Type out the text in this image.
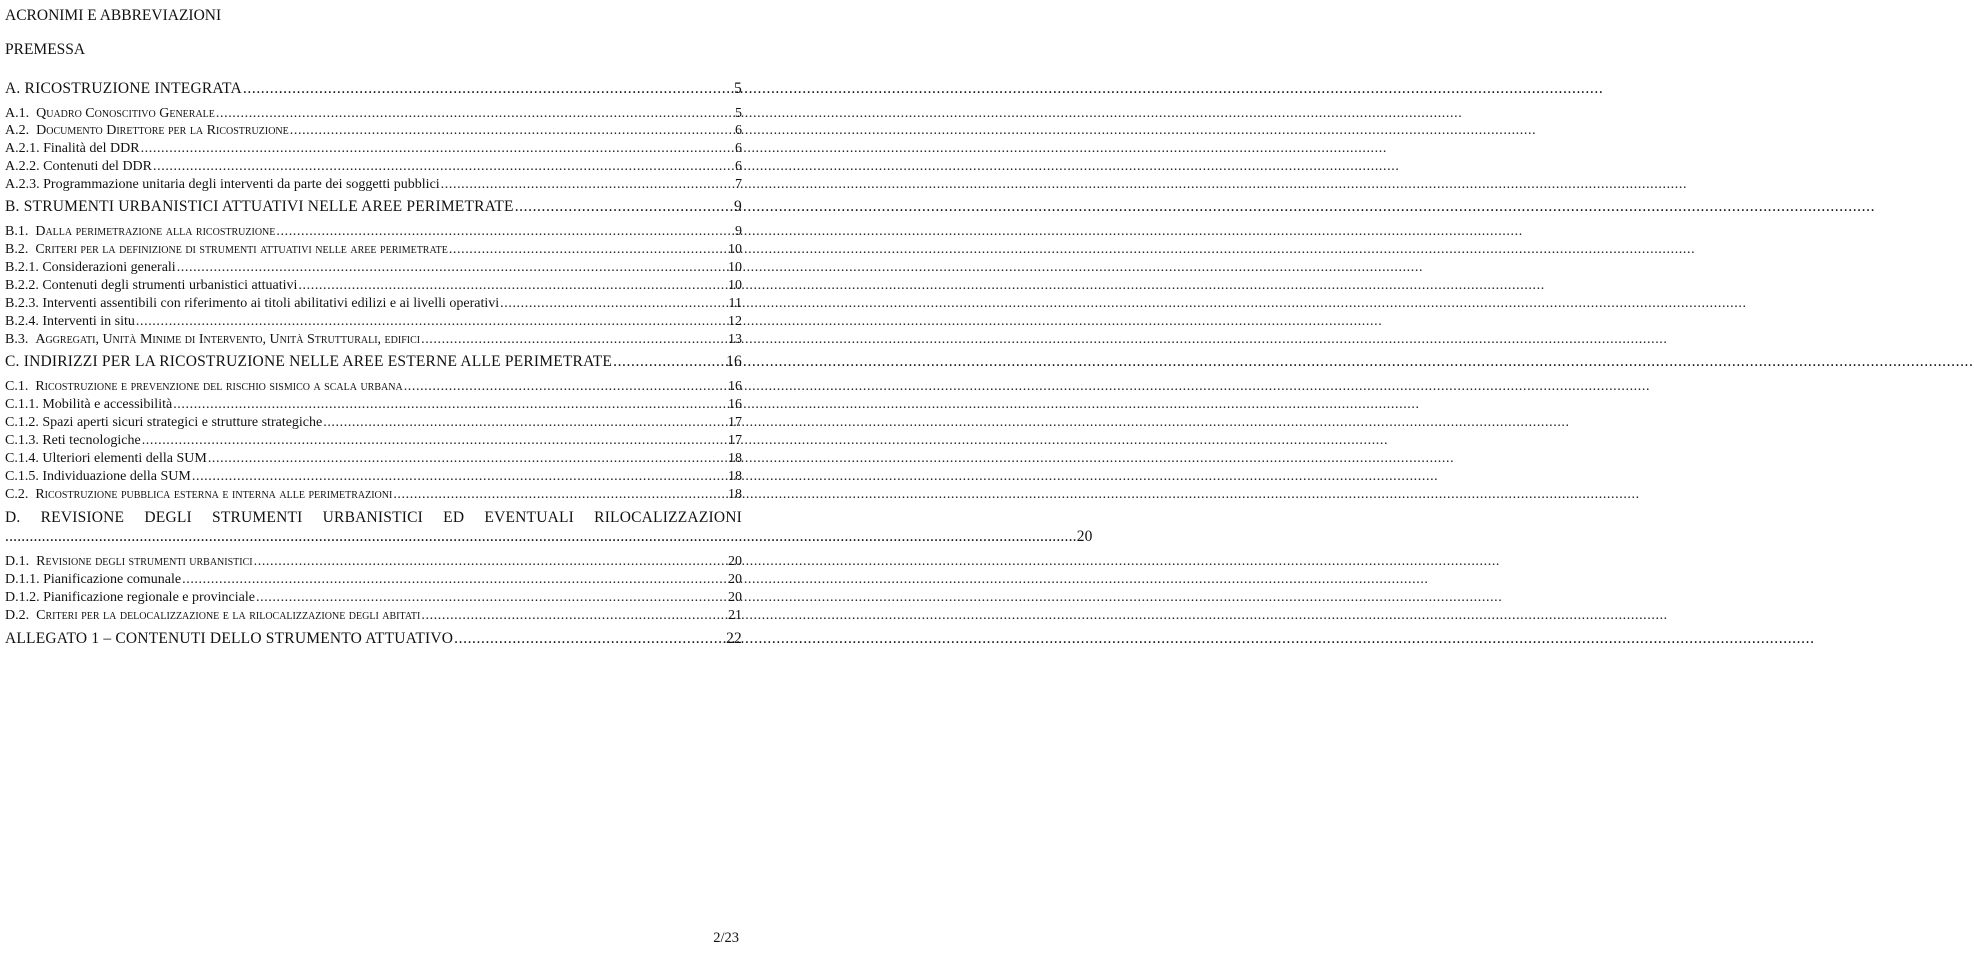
ACRONIMI E ABBREVIAZIONI
PREMESSA
A. RICOSTRUZIONE INTEGRATA .....	5
A.1. Quadro Conoscitivo Generale .....	5
A.2. Documento Direttore per la Ricostruzione .....	6
A.2.1. Finalità del DDR .....	6
A.2.2. Contenuti del DDR .....	6
A.2.3. Programmazione unitaria degli interventi da parte dei soggetti pubblici .....	7
B. STRUMENTI URBANISTICI ATTUATIVI NELLE AREE PERIMETRATE .....	9
B.1. Dalla perimetrazione alla ricostruzione .....	9
B.2. Criteri per la definizione di strumenti attuativi nelle aree perimetrate .....	10
B.2.1. Considerazioni generali .....	10
B.2.2. Contenuti degli strumenti urbanistici attuativi .....	10
B.2.3. Interventi assentibili con riferimento ai titoli abilitativi edilizi e ai livelli operativi .....	11
B.2.4. Interventi in situ .....	12
B.3. Aggregati, Unità Minime di Intervento, Unità Strutturali, edifici .....	13
C. INDIRIZZI PER LA RICOSTRUZIONE NELLE AREE ESTERNE ALLE PERIMETRATE .....	16
C.1. Ricostruzione e prevenzione del rischio sismico a scala urbana .....	16
C.1.1. Mobilità e accessibilità .....	16
C.1.2. Spazi aperti sicuri strategici e strutture strategiche .....	17
C.1.3. Reti tecnologiche .....	17
C.1.4. Ulteriori elementi della SUM .....	18
C.1.5. Individuazione della SUM .....	18
C.2. Ricostruzione pubblica esterna e interna alle perimetrazioni .....	18
D. REVISIONE DEGLI STRUMENTI URBANISTICI ED EVENTUALI RILOCALIZZAZIONI
....................................................................................................................................................................................................................................................................... 20
D.1. Revisione degli strumenti urbanistici .....	20
D.1.1. Pianificazione comunale .....	20
D.1.2. Pianificazione regionale e provinciale .....	20
D.2. Criteri per la delocalizzazione e la rilocalizzazione degli abitati .....	21
ALLEGATO 1 – CONTENUTI DELLO STRUMENTO ATTUATIVO .....	22
2/23
